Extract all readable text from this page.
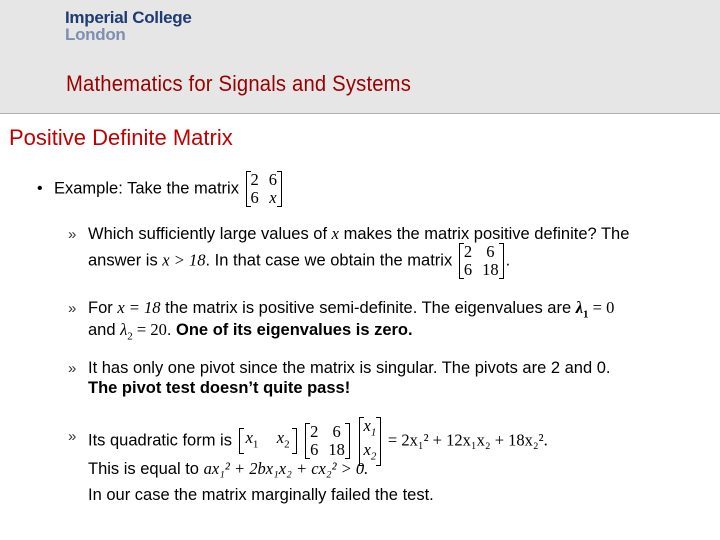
Imperial College
London
Mathematics for Signals and Systems
Positive Definite Matrix
• Example: Take the matrix 2 6
6 x
» Which sufficiently large values of x makes the matrix positive definite? The
answer is x > 18. In that case we obtain the matrix 2 6
6 18 .
» For x = 18 the matrix is positive semi-definite. The eigenvalues are $\lambda_1 = 0$
and $\lambda_2 = 20$. One of its eigenvalues is zero.
» It has only one pivot since the matrix is singular. The pivots are 2 and 0.
The pivot test doesn’t quite pass!
» Its quadratic form is
$x_1$ $x_2$
2 6
6 18

$x_1$
$x_2$
= 2x₁² + 12x₁x₂ + 18x₂².
This is equal to ax₁² + 2bx₁x₂ + cx₂² > 0.
In our case the matrix marginally failed the test.
